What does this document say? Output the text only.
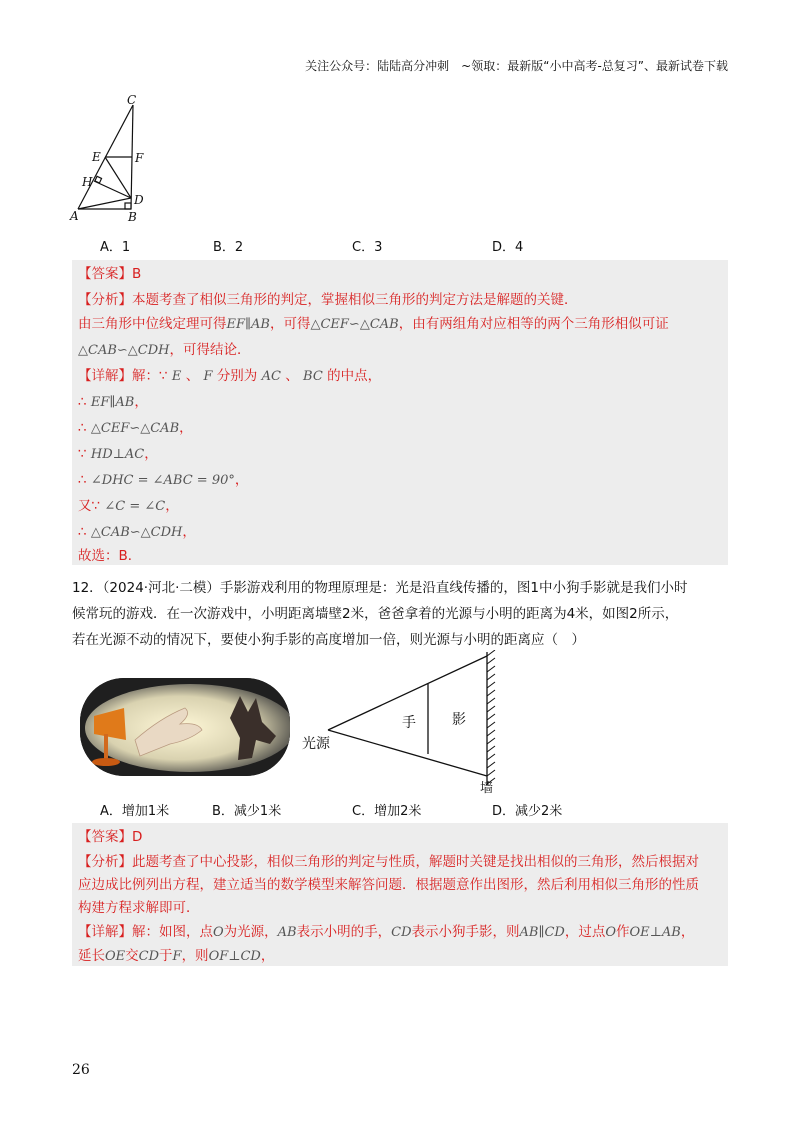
关注公众号：陆陆高分冲刺　~领取：最新版“小中高考-总复习”、最新试卷下载
C
E	F
H
D
A	B
A．1	B．2	C．3	D．4
【答案】B
【分析】本题考查了相似三角形的判定，掌握相似三角形的判定方法是解题的关键．
由三角形中位线定理可得EF∥AB，可得△CEF∽△CAB，由有两组角对应相等的两个三角形相似可证
△CAB∽△CDH，可得结论．
【详解】解：∵ E 、 F 分别为 AC 、 BC 的中点，
∴ EF∥AB，
∴ △CEF∽△CAB，
∵ HD⊥AC，
∴ ∠DHC = ∠ABC = 90°，
又∵ ∠C = ∠C，
∴ △CAB∽△CDH，
故选：B．
12．（2024·河北·二模）手影游戏利用的物理原理是：光是沿直线传播的，图1中小狗手影就是我们小时
候常玩的游戏．在一次游戏中，小明距离墙壁2米，爸爸拿着的光源与小明的距离为4米，如图2所示，
若在光源不动的情况下，要使小狗手影的高度增加一倍，则光源与小明的距离应（　）
光源
手	影
墙
A．增加1米	B．减少1米	C．增加2米	D．减少2米
【答案】D
【分析】此题考查了中心投影，相似三角形的判定与性质，解题时关键是找出相似的三角形，然后根据对
应边成比例列出方程，建立适当的数学模型来解答问题．根据题意作出图形，然后利用相似三角形的性质
构建方程求解即可．
【详解】解：如图，点O为光源，AB表示小明的手，CD表示小狗手影，则AB∥CD，过点O作OE⊥AB，
延长OE交CD于F，则OF⊥CD，
26
